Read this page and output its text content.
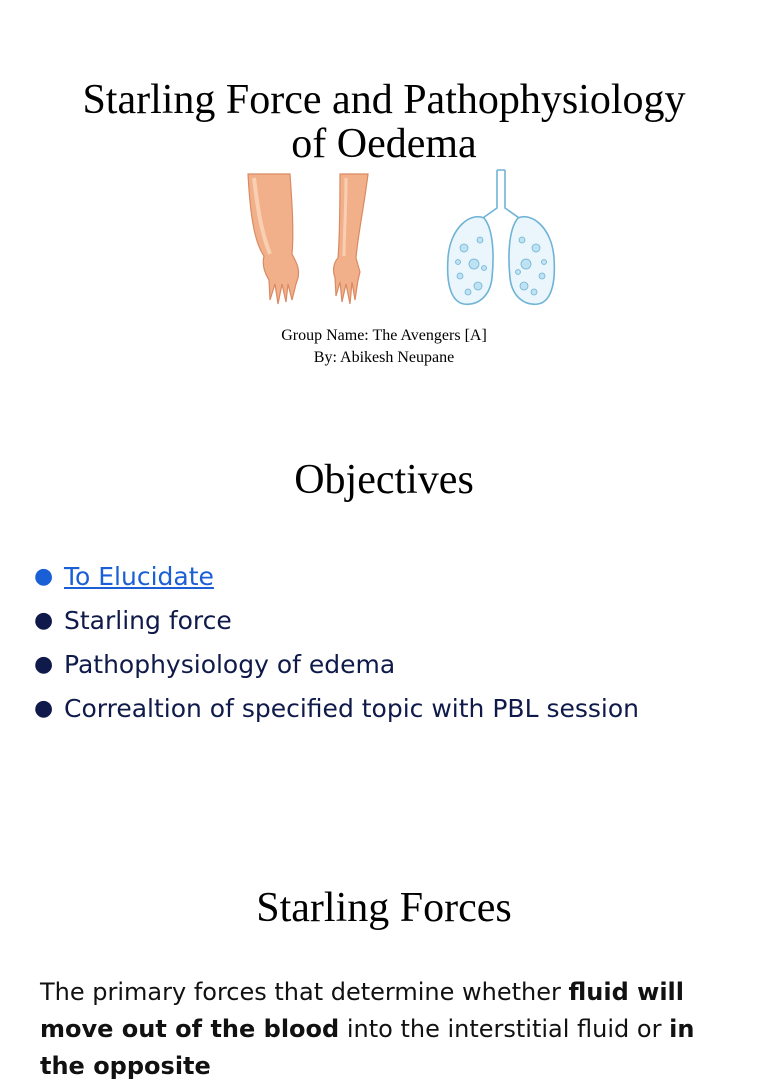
Starling Force and Pathophysiology
of Oedema
Group Name: The Avengers [A]
By: Abikesh Neupane
Objectives
● To Elucidate
● Starling force
● Pathophysiology of edema
● Correaltion of specified topic with PBL session
Starling Forces

The primary forces that determine whether fluid will move out of the blood into the interstitial fluid or in the opposite
